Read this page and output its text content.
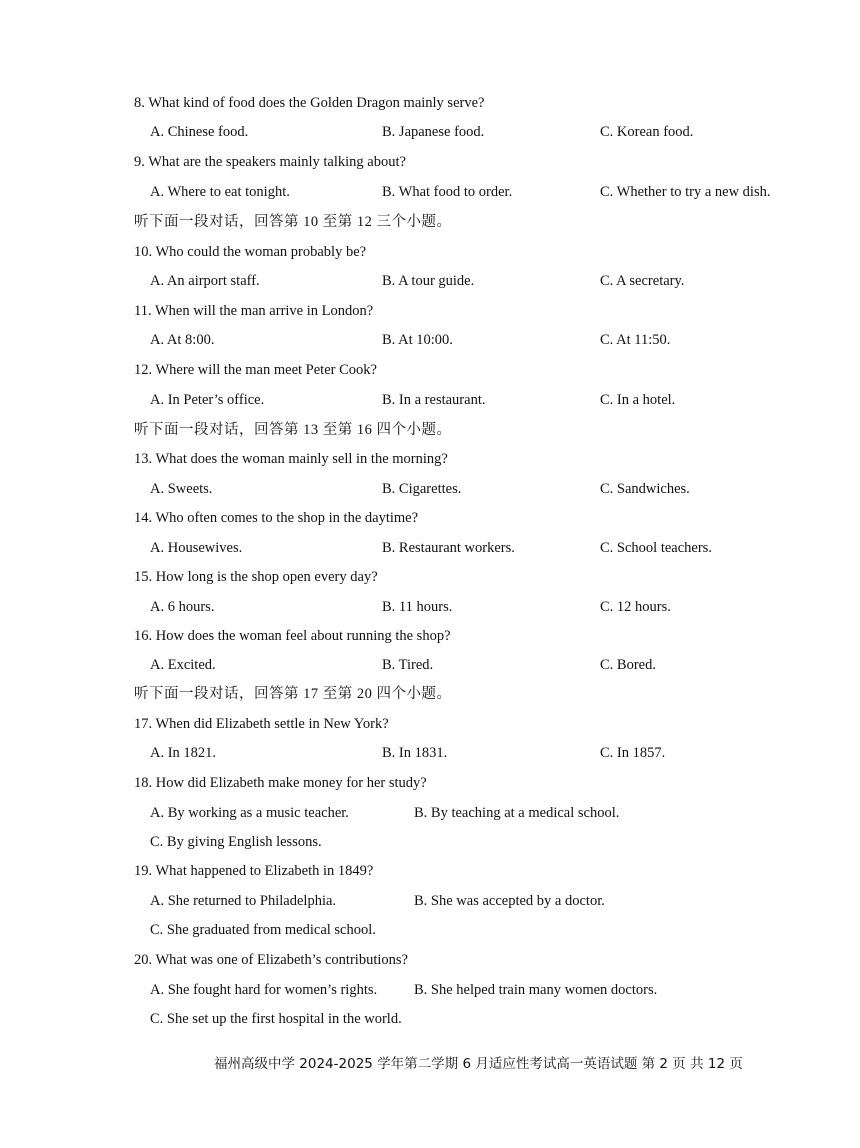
8. What kind of food does the Golden Dragon mainly serve?
A. Chinese food.	B. Japanese food.	C. Korean food.
9. What are the speakers mainly talking about?
A. Where to eat tonight.	B. What food to order.	C. Whether to try a new dish.
听下面一段对话，回答第 10 至第 12 三个小题。
10. Who could the woman probably be?
A. An airport staff.	B. A tour guide.	C. A secretary.
11. When will the man arrive in London?
A. At 8:00.	B. At 10:00.	C. At 11:50.
12. Where will the man meet Peter Cook?
A. In Peter’s office.	B. In a restaurant.	C. In a hotel.
听下面一段对话，回答第 13 至第 16 四个小题。
13. What does the woman mainly sell in the morning?
A. Sweets.	B. Cigarettes.	C. Sandwiches.
14. Who often comes to the shop in the daytime?
A. Housewives.	B. Restaurant workers.	C. School teachers.
15. How long is the shop open every day?
A. 6 hours.	B. 11 hours.	C. 12 hours.
16. How does the woman feel about running the shop?
A. Excited.	B. Tired.	C. Bored.
听下面一段对话，回答第 17 至第 20 四个小题。
17. When did Elizabeth settle in New York?
A. In 1821.	B. In 1831.	C. In 1857.
18. How did Elizabeth make money for her study?
A. By working as a music teacher.	B. By teaching at a medical school.
C. By giving English lessons.
19. What happened to Elizabeth in 1849?
A. She returned to Philadelphia.	B. She was accepted by a doctor.
C. She graduated from medical school.
20. What was one of Elizabeth’s contributions?
A. She fought hard for women’s rights.	B. She helped train many women doctors.
C. She set up the first hospital in the world.
福州高级中学 2024-2025 学年第二学期 6 月适应性考试高一英语试题 第 2 页 共 12 页
